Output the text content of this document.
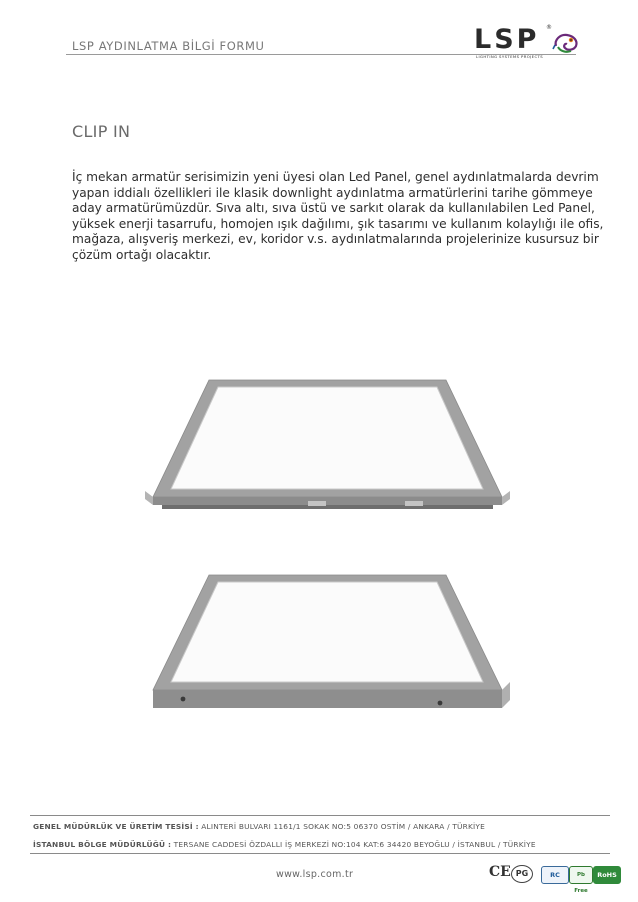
LSP AYDINLATMA BİLGİ FORMU	LSP ®
LIGHTING SYSTEMS PROJECTS
CLIP IN
İç mekan armatür serisimizin yeni üyesi olan Led Panel, genel aydınlatmalarda devrim
yapan iddialı özellikleri ile klasik downlight aydınlatma armatürlerini tarihe gömmeye
aday armatürümüzdür. Sıva altı, sıva üstü ve sarkıt olarak da kullanılabilen Led Panel,
yüksek enerji tasarrufu, homojen ışık dağılımı, şık tasarımı ve kullanım kolaylığı ile ofis,
mağaza, alışveriş merkezi, ev, koridor v.s. aydınlatmalarında projelerinize kusursuz bir
çözüm ortağı olacaktır.
GENEL MÜDÜRLÜK VE ÜRETİM TESİSİ : ALINTERİ BULVARI 1161/1 SOKAK NO:5 06370 OSTİM / ANKARA / TÜRKİYE
İSTANBUL BÖLGE MÜDÜRLÜĞÜ : TERSANE CADDESİ ÖZDALLI İŞ MERKEZİ NO:104 KAT:6 34420 BEYOĞLU / İSTANBUL / TÜRKİYE
www.lsp.com.tr	CE PG	RC	Pb Free
RoHS
